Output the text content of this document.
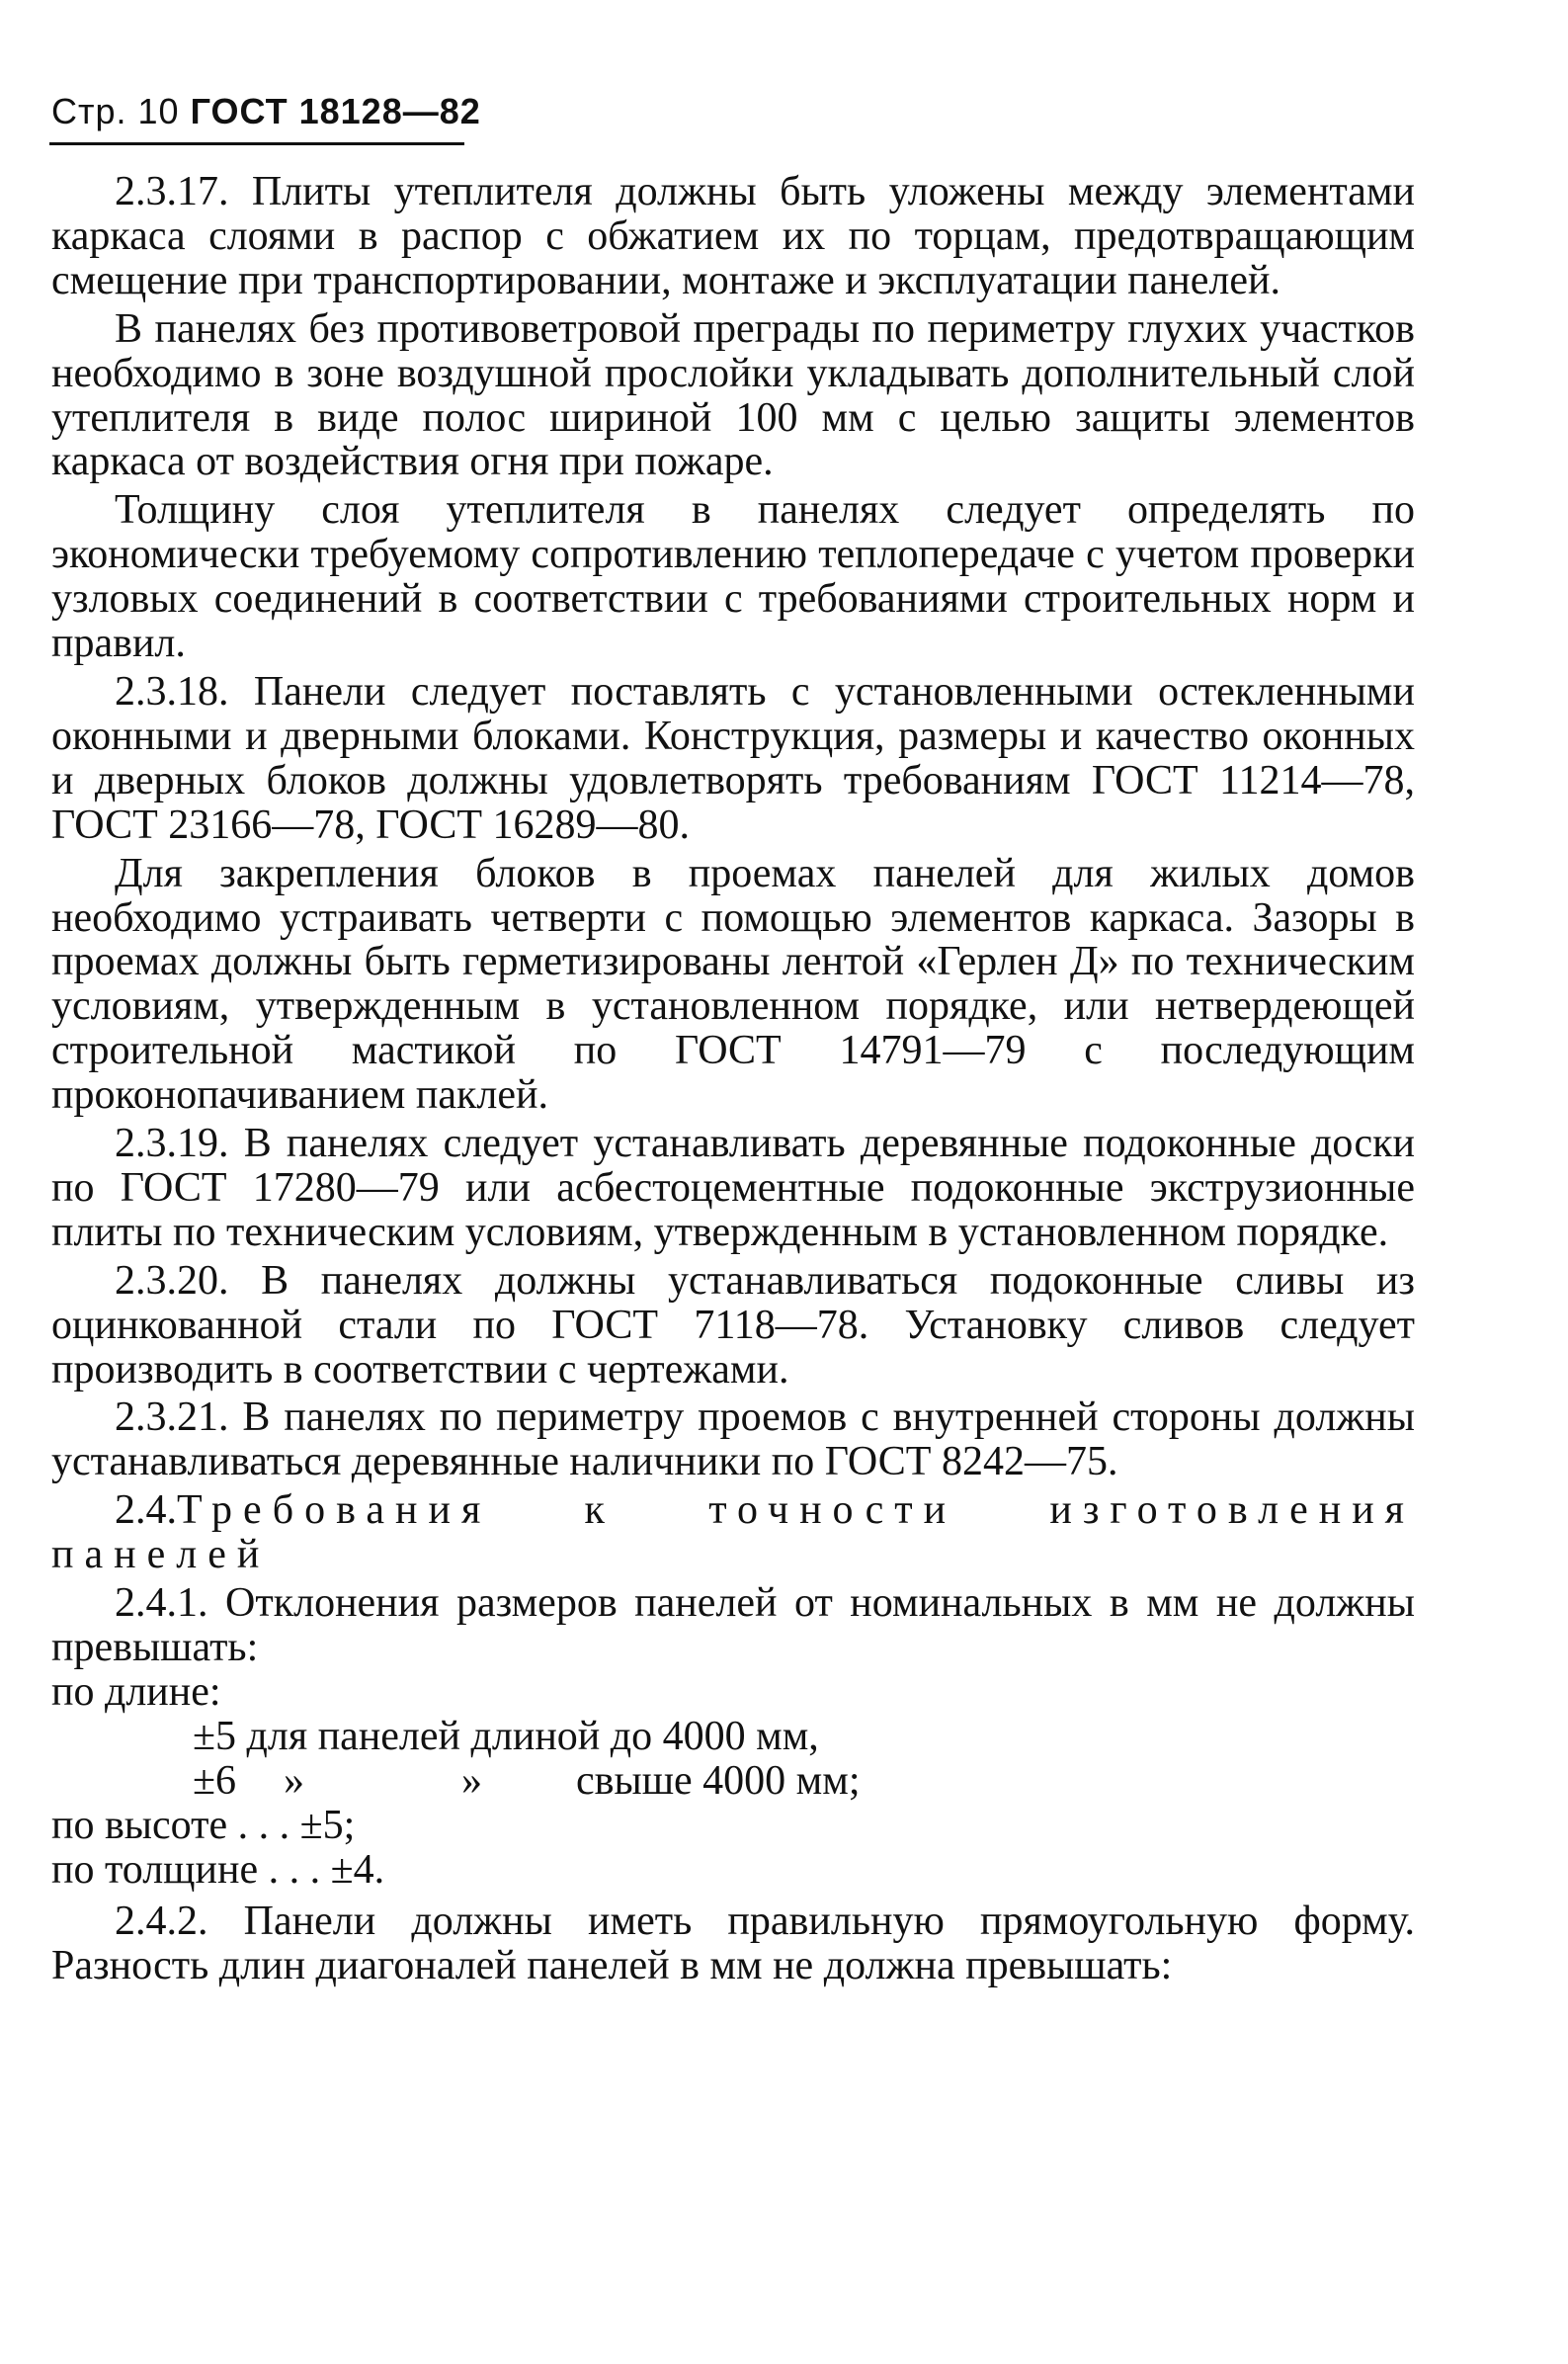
Стр. 10 ГОСТ 18128—82

2.3.17. Плиты утеплителя должны быть уложены между элементами каркаса слоями в распор с обжатием их по торцам, предотвращающим смещение при транспортировании, монтаже и эксплуатации панелей.

В панелях без противоветровой преграды по периметру глухих участков необходимо в зоне воздушной прослойки укладывать дополнительный слой утеплителя в виде полос шириной 100 мм с целью защиты элементов каркаса от воздействия огня при пожаре.

Толщину слоя утеплителя в панелях следует определять по экономически требуемому сопротивлению теплопередаче с учетом проверки узловых соединений в соответствии с требованиями строительных норм и правил.

2.3.18. Панели следует поставлять с установленными остекленными оконными и дверными блоками. Конструкция, размеры и качество оконных и дверных блоков должны удовлетворять требованиям ГОСТ 11214—78, ГОСТ 23166—78, ГОСТ 16289—80.

Для закрепления блоков в проемах панелей для жилых домов необходимо устраивать четверти с помощью элементов каркаса. Зазоры в проемах должны быть герметизированы лентой «Герлен Д» по техническим условиям, утвержденным в установленном порядке, или нетвердеющей строительной мастикой по ГОСТ 14791—79 с последующим проконопачиванием паклей.

2.3.19. В панелях следует устанавливать деревянные подоконные доски по ГОСТ 17280—79 или асбестоцементные подоконные экструзионные плиты по техническим условиям, утвержденным в установленном порядке.

2.3.20. В панелях должны устанавливаться подоконные сливы из оцинкованной стали по ГОСТ 7118—78. Установку сливов следует производить в соответствии с чертежами.

2.3.21. В панелях по периметру проемов с внутренней стороны должны устанавливаться деревянные наличники по ГОСТ 8242—75.

2.4.Требования к точности изготовления панелей

2.4.1. Отклонения размеров панелей от номинальных в мм не должны превышать:

по длине:

±5 для панелей длиной до 4000 мм,

±6 »	» свыше 4000 мм;

по высоте . . . ±5;

по толщине . . . ±4.

2.4.2. Панели должны иметь правильную прямоугольную форму. Разность длин диагоналей панелей в мм не должна превышать:
